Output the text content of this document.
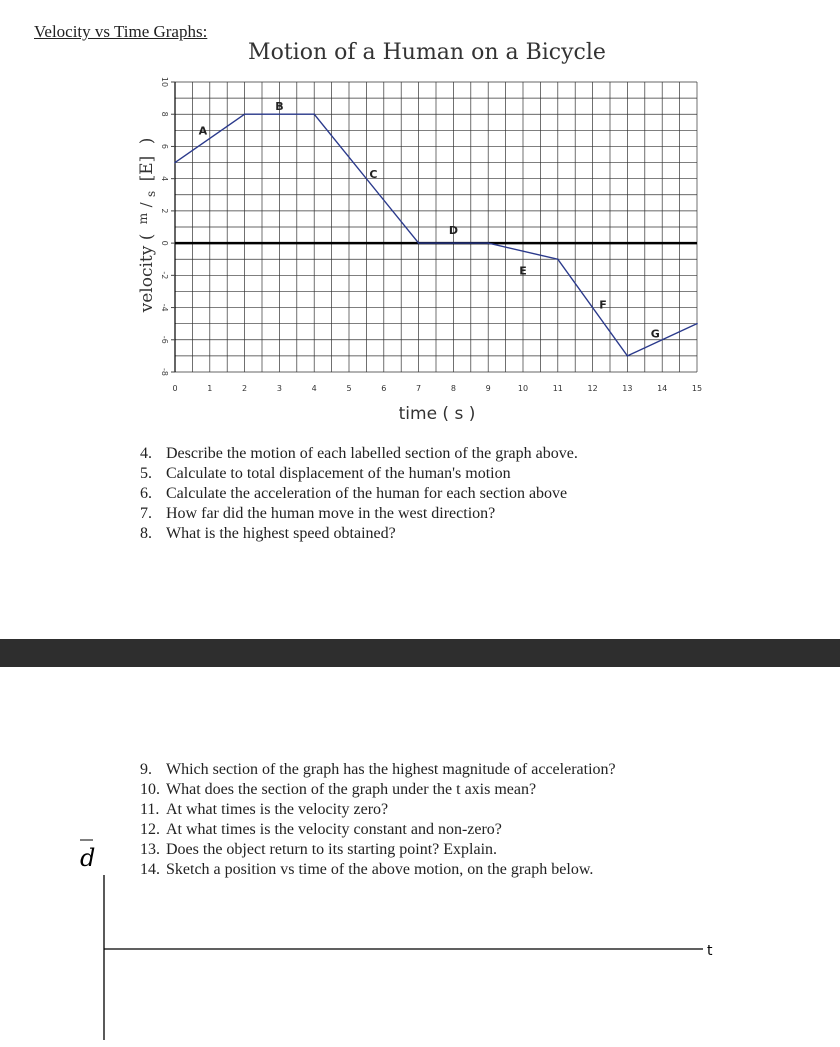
Velocity vs Time Graphs:
Motion of a Human on a Bicycle
0	1	2	3	4	5	6	7	8	9	10	11	12	13	14	15
10
8
6
4
2
0
-2
-4
-6
-8
A
B
C
D
E
F
G
velocity ( $^m$ / $_s$ [E] )
time ( s )
4. Describe the motion of each labelled section of the graph above.
5. Calculate to total displacement of the human's motion
6. Calculate the acceleration of the human for each section above
7. How far did the human move in the west direction?
8. What is the highest speed obtained?
9. Which section of the graph has the highest magnitude of acceleration?
10. What does the section of the graph under the t axis mean?
11. At what times is the velocity zero?
12. At what times is the velocity constant and non-zero?
13. Does the object return to its starting point? Explain.
14. Sketch a position vs time of the above motion, on the graph below.
d
t
